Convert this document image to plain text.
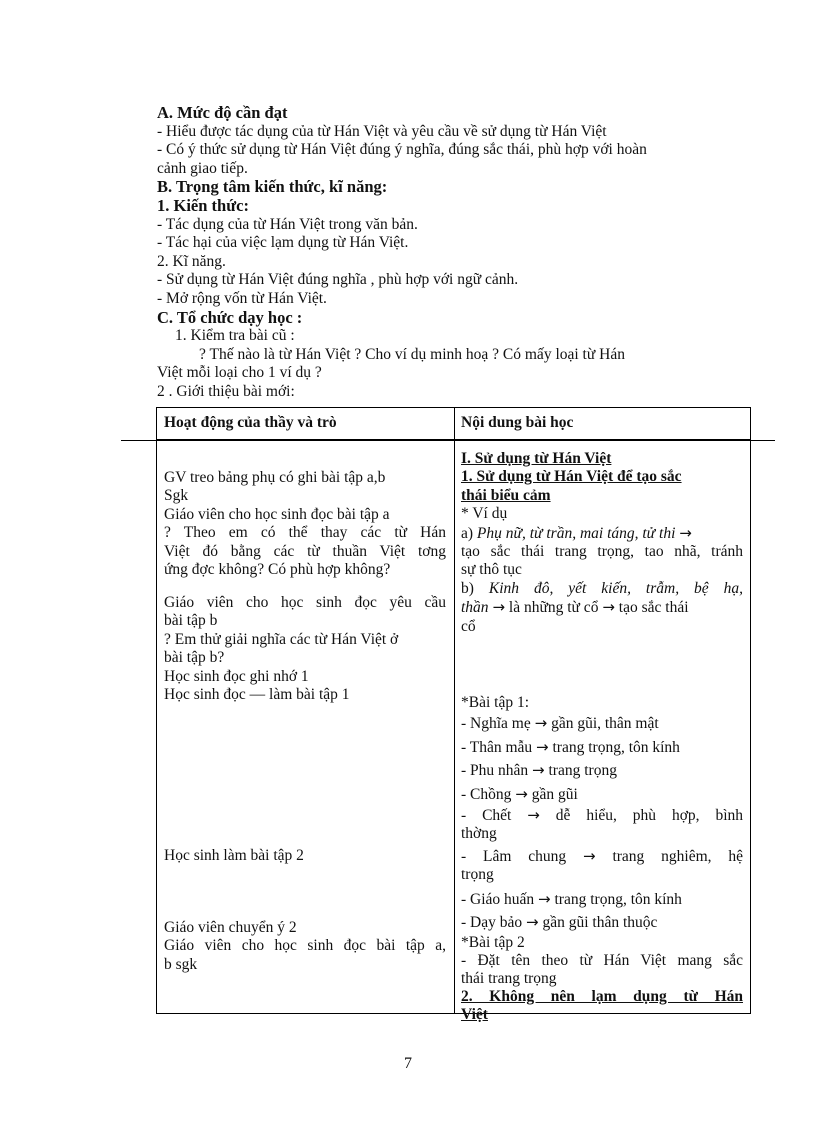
A. Mức độ cần đạt
- Hiểu được tác dụng của từ Hán Việt và yêu cầu về sử dụng từ Hán Việt
- Có ý thức sử dụng từ Hán Việt đúng ý nghĩa, đúng sắc thái, phù hợp với hoàn
cảnh giao tiếp.
B. Trọng tâm kiến thức, kĩ năng:
1. Kiến thức:
- Tác dụng của từ Hán Việt trong văn bản.
- Tác hại của việc lạm dụng từ Hán Việt.
2. Kĩ năng.
- Sử dụng từ Hán Việt đúng nghĩa , phù hợp với ngữ cảnh.
- Mở rộng vốn từ Hán Việt.
C. Tổ chức dạy học :
1. Kiểm tra bài cũ :
? Thế nào là từ Hán Việt ? Cho ví dụ minh hoạ ? Có mấy loại từ Hán
Việt mỗi loại cho 1 ví dụ ?
2 . Giới thiệu bài mới:
Hoạt động của thầy và trò	Nội dung bài học
GV treo bảng phụ có ghi bài tập a,b
Sgk
Giáo viên cho học sinh đọc bài tập a
? Theo em có thể thay các từ Hán
Việt đó bằng các từ thuần Việt tơng
ứng đợc không? Có phù hợp không?
Giáo viên cho học sinh đọc yêu cầu
bài tập b
? Em thử giải nghĩa các từ Hán Việt ở
bài tập b?
Học sinh đọc ghi nhớ 1
Học sinh đọc — làm bài tập 1
Học sinh làm bài tập 2
Giáo viên chuyển ý 2
Giáo viên cho học sinh đọc bài tập a,
b sgk
I. Sử dụng từ Hán Việt
1. Sử dụng từ Hán Việt để tạo sắc
thái biểu cảm
* Ví dụ
a) Phụ nữ, từ trần, mai táng, tử thi →
tạo sắc thái trang trọng, tao nhã, tránh
sự thô tục
b) Kinh đô, yết kiến, trẫm, bệ hạ,
thần → là những từ cổ → tạo sắc thái
cổ
*Bài tập 1:
- Nghĩa mẹ → gần gũi, thân mật
- Thân mẫu → trang trọng, tôn kính
- Phu nhân → trang trọng
- Chồng → gần gũi
- Chết → dễ hiểu, phù hợp, bình
thờng
- Lâm chung → trang nghiêm, hệ
trọng
- Giáo huấn → trang trọng, tôn kính
- Dạy bảo → gần gũi thân thuộc
*Bài tập 2
- Đặt tên theo từ Hán Việt mang sắc
thái trang trọng
2. Không nên lạm dụng từ Hán
Việt
7
